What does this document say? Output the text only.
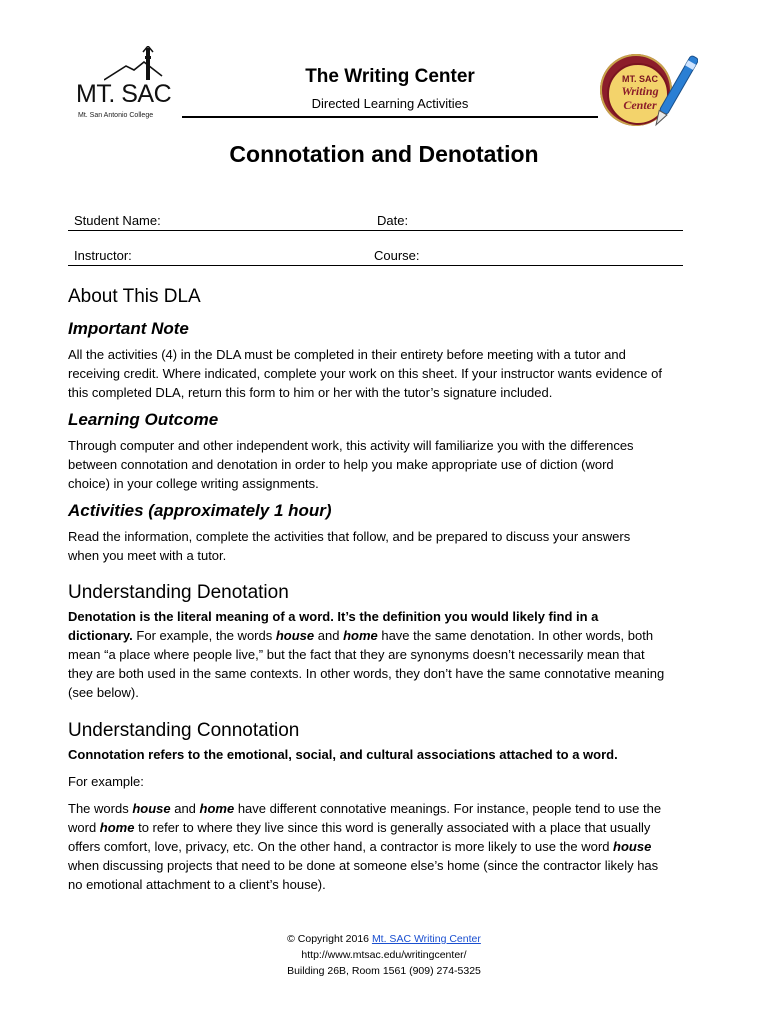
MT. SAC
Mt. San Antonio College
The Writing Center
Directed Learning Activities
MT. SAC
Writing
Center
Connotation and Denotation
Student Name:	Date:
Instructor:	Course:
About This DLA
Important Note
All the activities (4) in the DLA must be completed in their entirety before meeting with a tutor and
receiving credit. Where indicated, complete your work on this sheet. If your instructor wants evidence of
this completed DLA, return this form to him or her with the tutor’s signature included.
Learning Outcome
Through computer and other independent work, this activity will familiarize you with the differences
between connotation and denotation in order to help you make appropriate use of diction (word
choice) in your college writing assignments.
Activities (approximately 1 hour)
Read the information, complete the activities that follow, and be prepared to discuss your answers
when you meet with a tutor.
Understanding Denotation
Denotation is the literal meaning of a word. It’s the definition you would likely find in a
dictionary. For example, the words house and home have the same denotation. In other words, both
mean “a place where people live,” but the fact that they are synonyms doesn’t necessarily mean that
they are both used in the same contexts. In other words, they don’t have the same connotative meaning
(see below).
Understanding Connotation
Connotation refers to the emotional, social, and cultural associations attached to a word.
For example:
The words house and home have different connotative meanings. For instance, people tend to use the
word home to refer to where they live since this word is generally associated with a place that usually
offers comfort, love, privacy, etc. On the other hand, a contractor is more likely to use the word house
when discussing projects that need to be done at someone else’s home (since the contractor likely has
no emotional attachment to a client’s house).
© Copyright 2016 Mt. SAC Writing Center
http://www.mtsac.edu/writingcenter/
Building 26B, Room 1561 (909) 274-5325
